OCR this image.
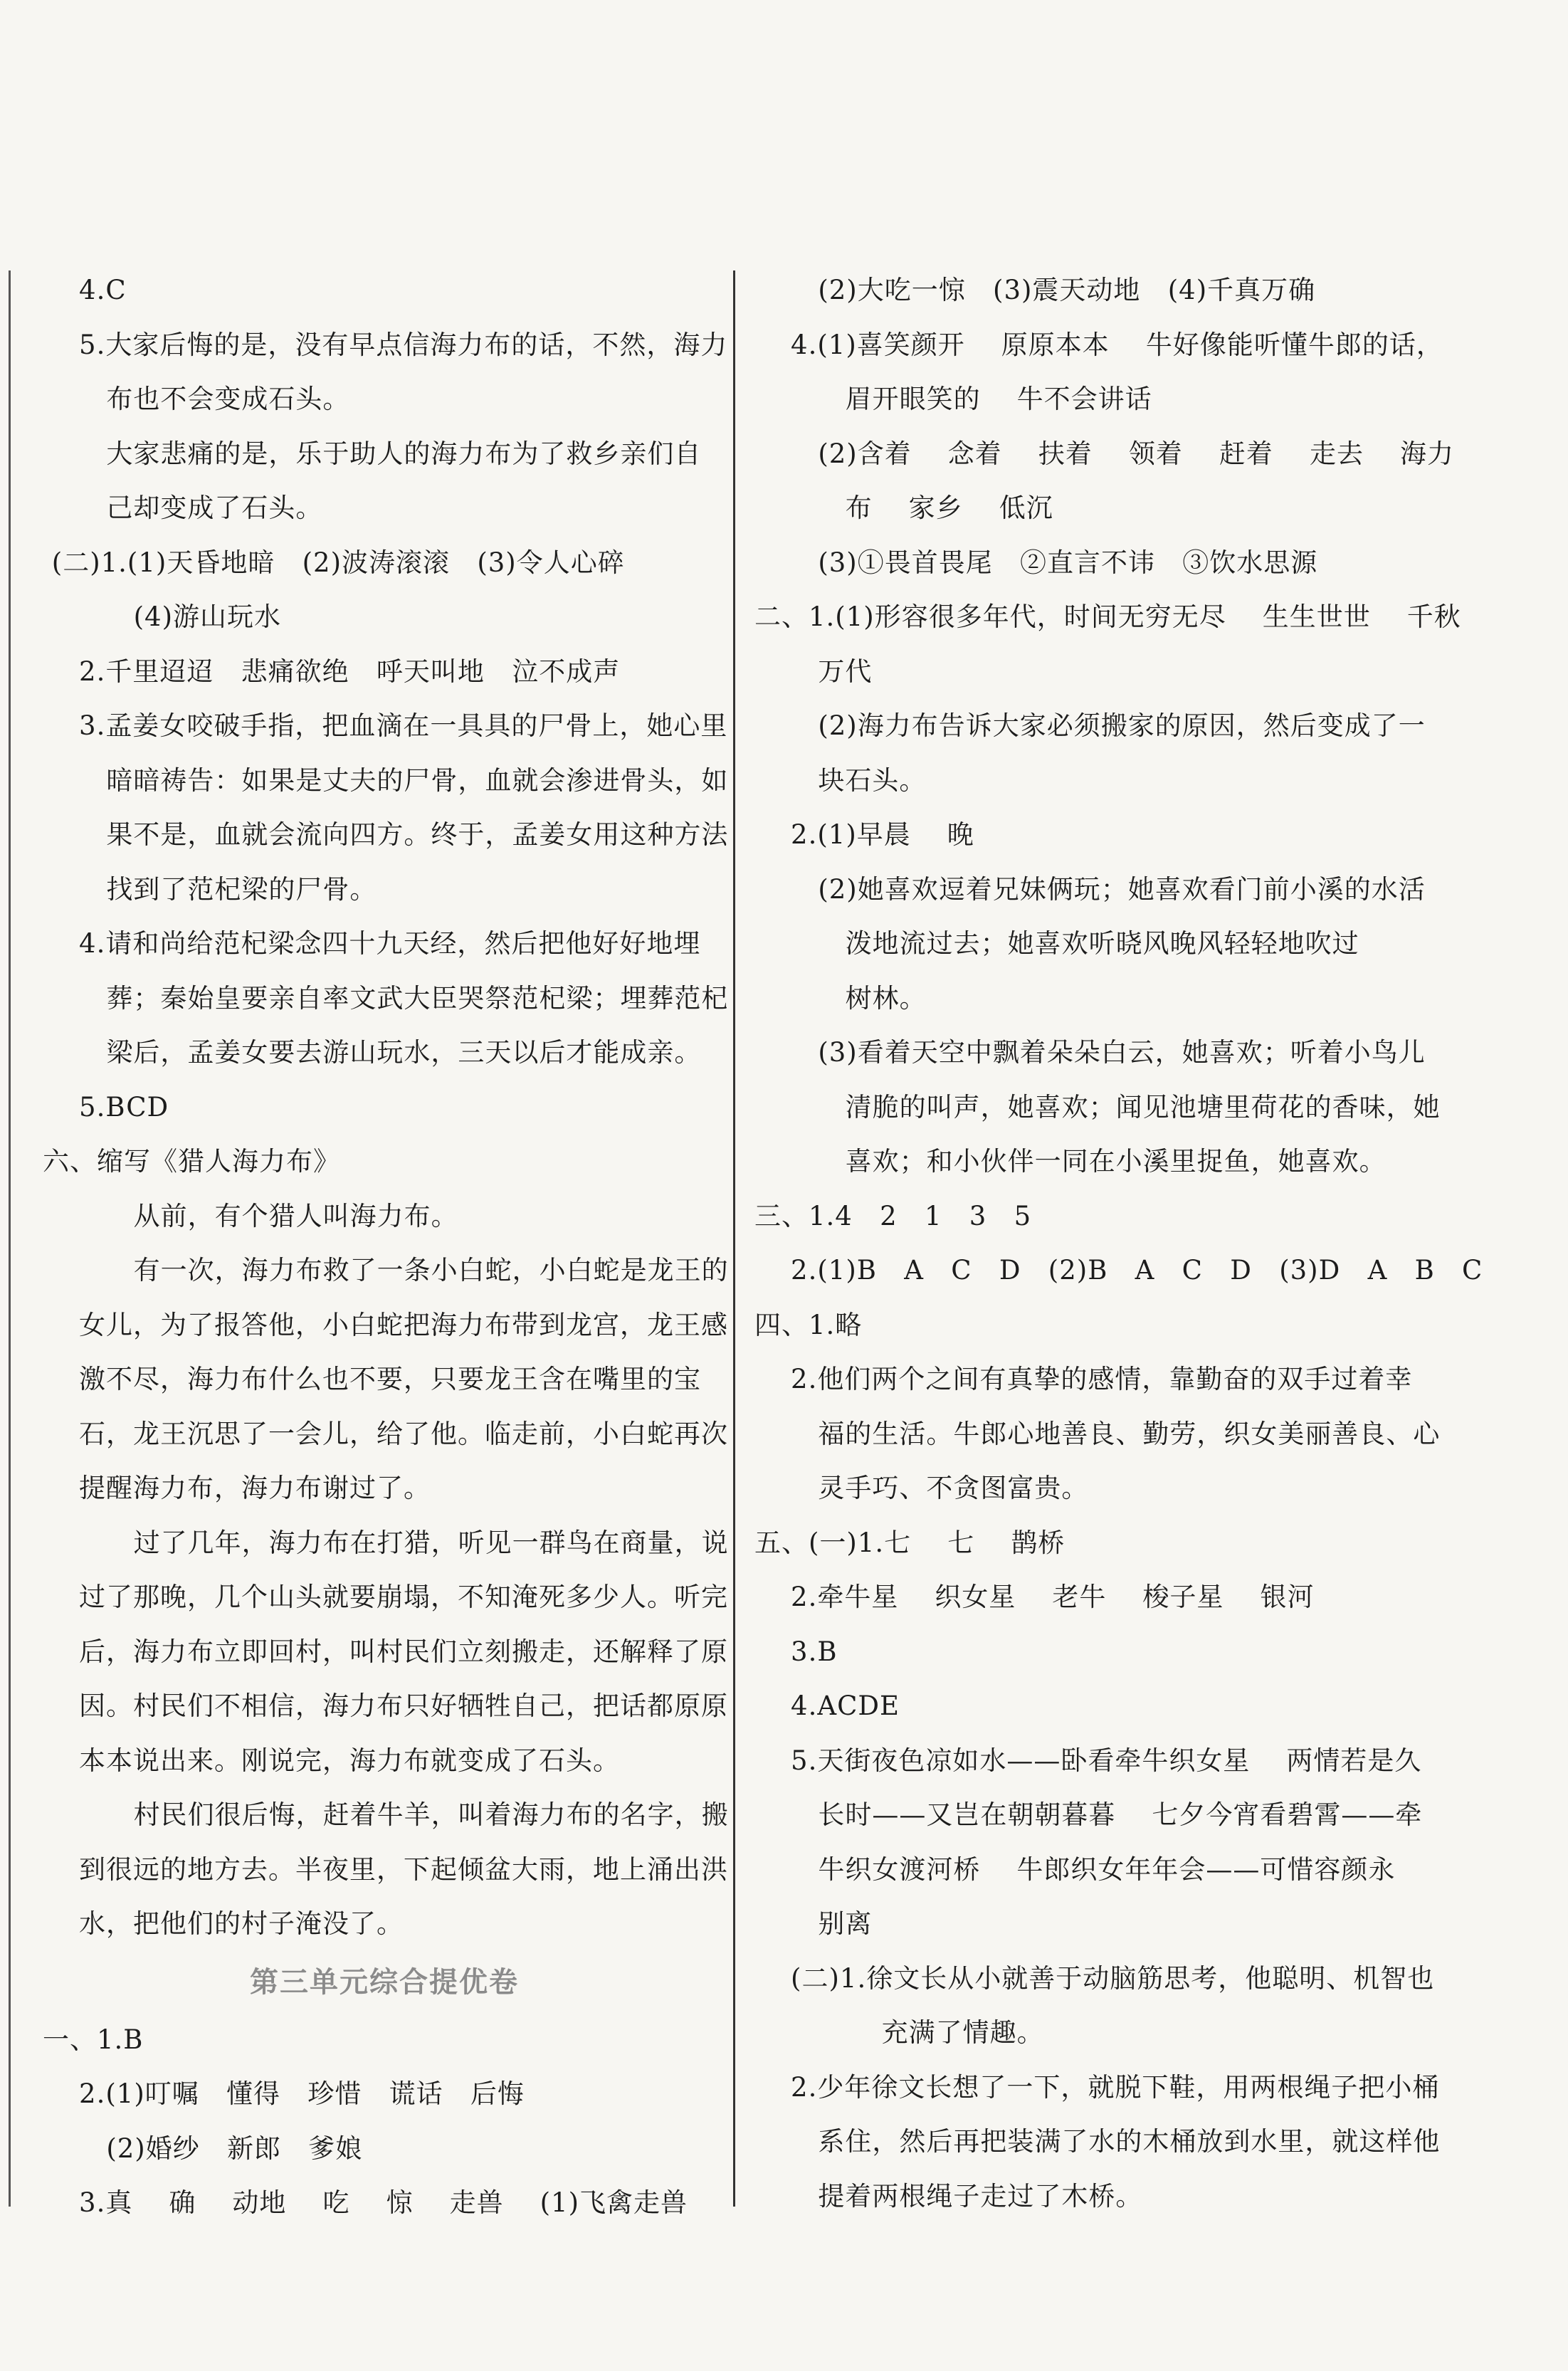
4.C
5.大家后悔的是，没有早点信海力布的话，不然，海力
布也不会变成石头。
大家悲痛的是，乐于助人的海力布为了救乡亲们自
己却变成了石头。
(二)1.(1)天昏地暗   (2)波涛滚滚   (3)令人心碎
(4)游山玩水
2.千里迢迢   悲痛欲绝   呼天叫地   泣不成声
3.孟姜女咬破手指，把血滴在一具具的尸骨上，她心里
暗暗祷告：如果是丈夫的尸骨，血就会渗进骨头，如
果不是，血就会流向四方。终于，孟姜女用这种方法
找到了范杞梁的尸骨。
4.请和尚给范杞梁念四十九天经，然后把他好好地埋
葬；秦始皇要亲自率文武大臣哭祭范杞梁；埋葬范杞
梁后，孟姜女要去游山玩水，三天以后才能成亲。
5.BCD
六、缩写《猎人海力布》
从前，有个猎人叫海力布。
有一次，海力布救了一条小白蛇，小白蛇是龙王的
女儿，为了报答他，小白蛇把海力布带到龙宫，龙王感
激不尽，海力布什么也不要，只要龙王含在嘴里的宝
石，龙王沉思了一会儿，给了他。临走前，小白蛇再次
提醒海力布，海力布谢过了。
过了几年，海力布在打猎，听见一群鸟在商量，说
过了那晚，几个山头就要崩塌，不知淹死多少人。听完
后，海力布立即回村，叫村民们立刻搬走，还解释了原
因。村民们不相信，海力布只好牺牲自己，把话都原原
本本说出来。刚说完，海力布就变成了石头。
村民们很后悔，赶着牛羊，叫着海力布的名字，搬
到很远的地方去。半夜里，下起倾盆大雨，地上涌出洪
水，把他们的村子淹没了。
第三单元综合提优卷
一、1.B
2.(1)叮嘱   懂得   珍惜   谎话   后悔
(2)婚纱   新郎   爹娘
3.真    确    动地    吃    惊    走兽    (1)飞禽走兽
(2)大吃一惊   (3)震天动地   (4)千真万确
4.(1)喜笑颜开    原原本本    牛好像能听懂牛郎的话，
眉开眼笑的    牛不会讲话
(2)含着    念着    扶着    领着    赶着    走去    海力
布    家乡    低沉
(3)①畏首畏尾   ②直言不讳   ③饮水思源
二、1.(1)形容很多年代，时间无穷无尽    生生世世    千秋
万代
(2)海力布告诉大家必须搬家的原因，然后变成了一
块石头。
2.(1)早晨    晚
(2)她喜欢逗着兄妹俩玩；她喜欢看门前小溪的水活
泼地流过去；她喜欢听晓风晚风轻轻地吹过
树林。
(3)看着天空中飘着朵朵白云，她喜欢；听着小鸟儿
清脆的叫声，她喜欢；闻见池塘里荷花的香味，她
喜欢；和小伙伴一同在小溪里捉鱼，她喜欢。
三、1.4   2   1   3   5
2.(1)B   A   C   D   (2)B   A   C   D   (3)D   A   B   C
四、1.略
2.他们两个之间有真挚的感情，靠勤奋的双手过着幸
福的生活。牛郎心地善良、勤劳，织女美丽善良、心
灵手巧、不贪图富贵。
五、(一)1.七    七    鹊桥
2.牵牛星    织女星    老牛    梭子星    银河
3.B
4.ACDE
5.天街夜色凉如水——卧看牵牛织女星    两情若是久
长时——又岂在朝朝暮暮    七夕今宵看碧霄——牵
牛织女渡河桥    牛郎织女年年会——可惜容颜永
别离
(二)1.徐文长从小就善于动脑筋思考，他聪明、机智也
充满了情趣。
2.少年徐文长想了一下，就脱下鞋，用两根绳子把小桶
系住，然后再把装满了水的木桶放到水里，就这样他
提着两根绳子走过了木桥。
